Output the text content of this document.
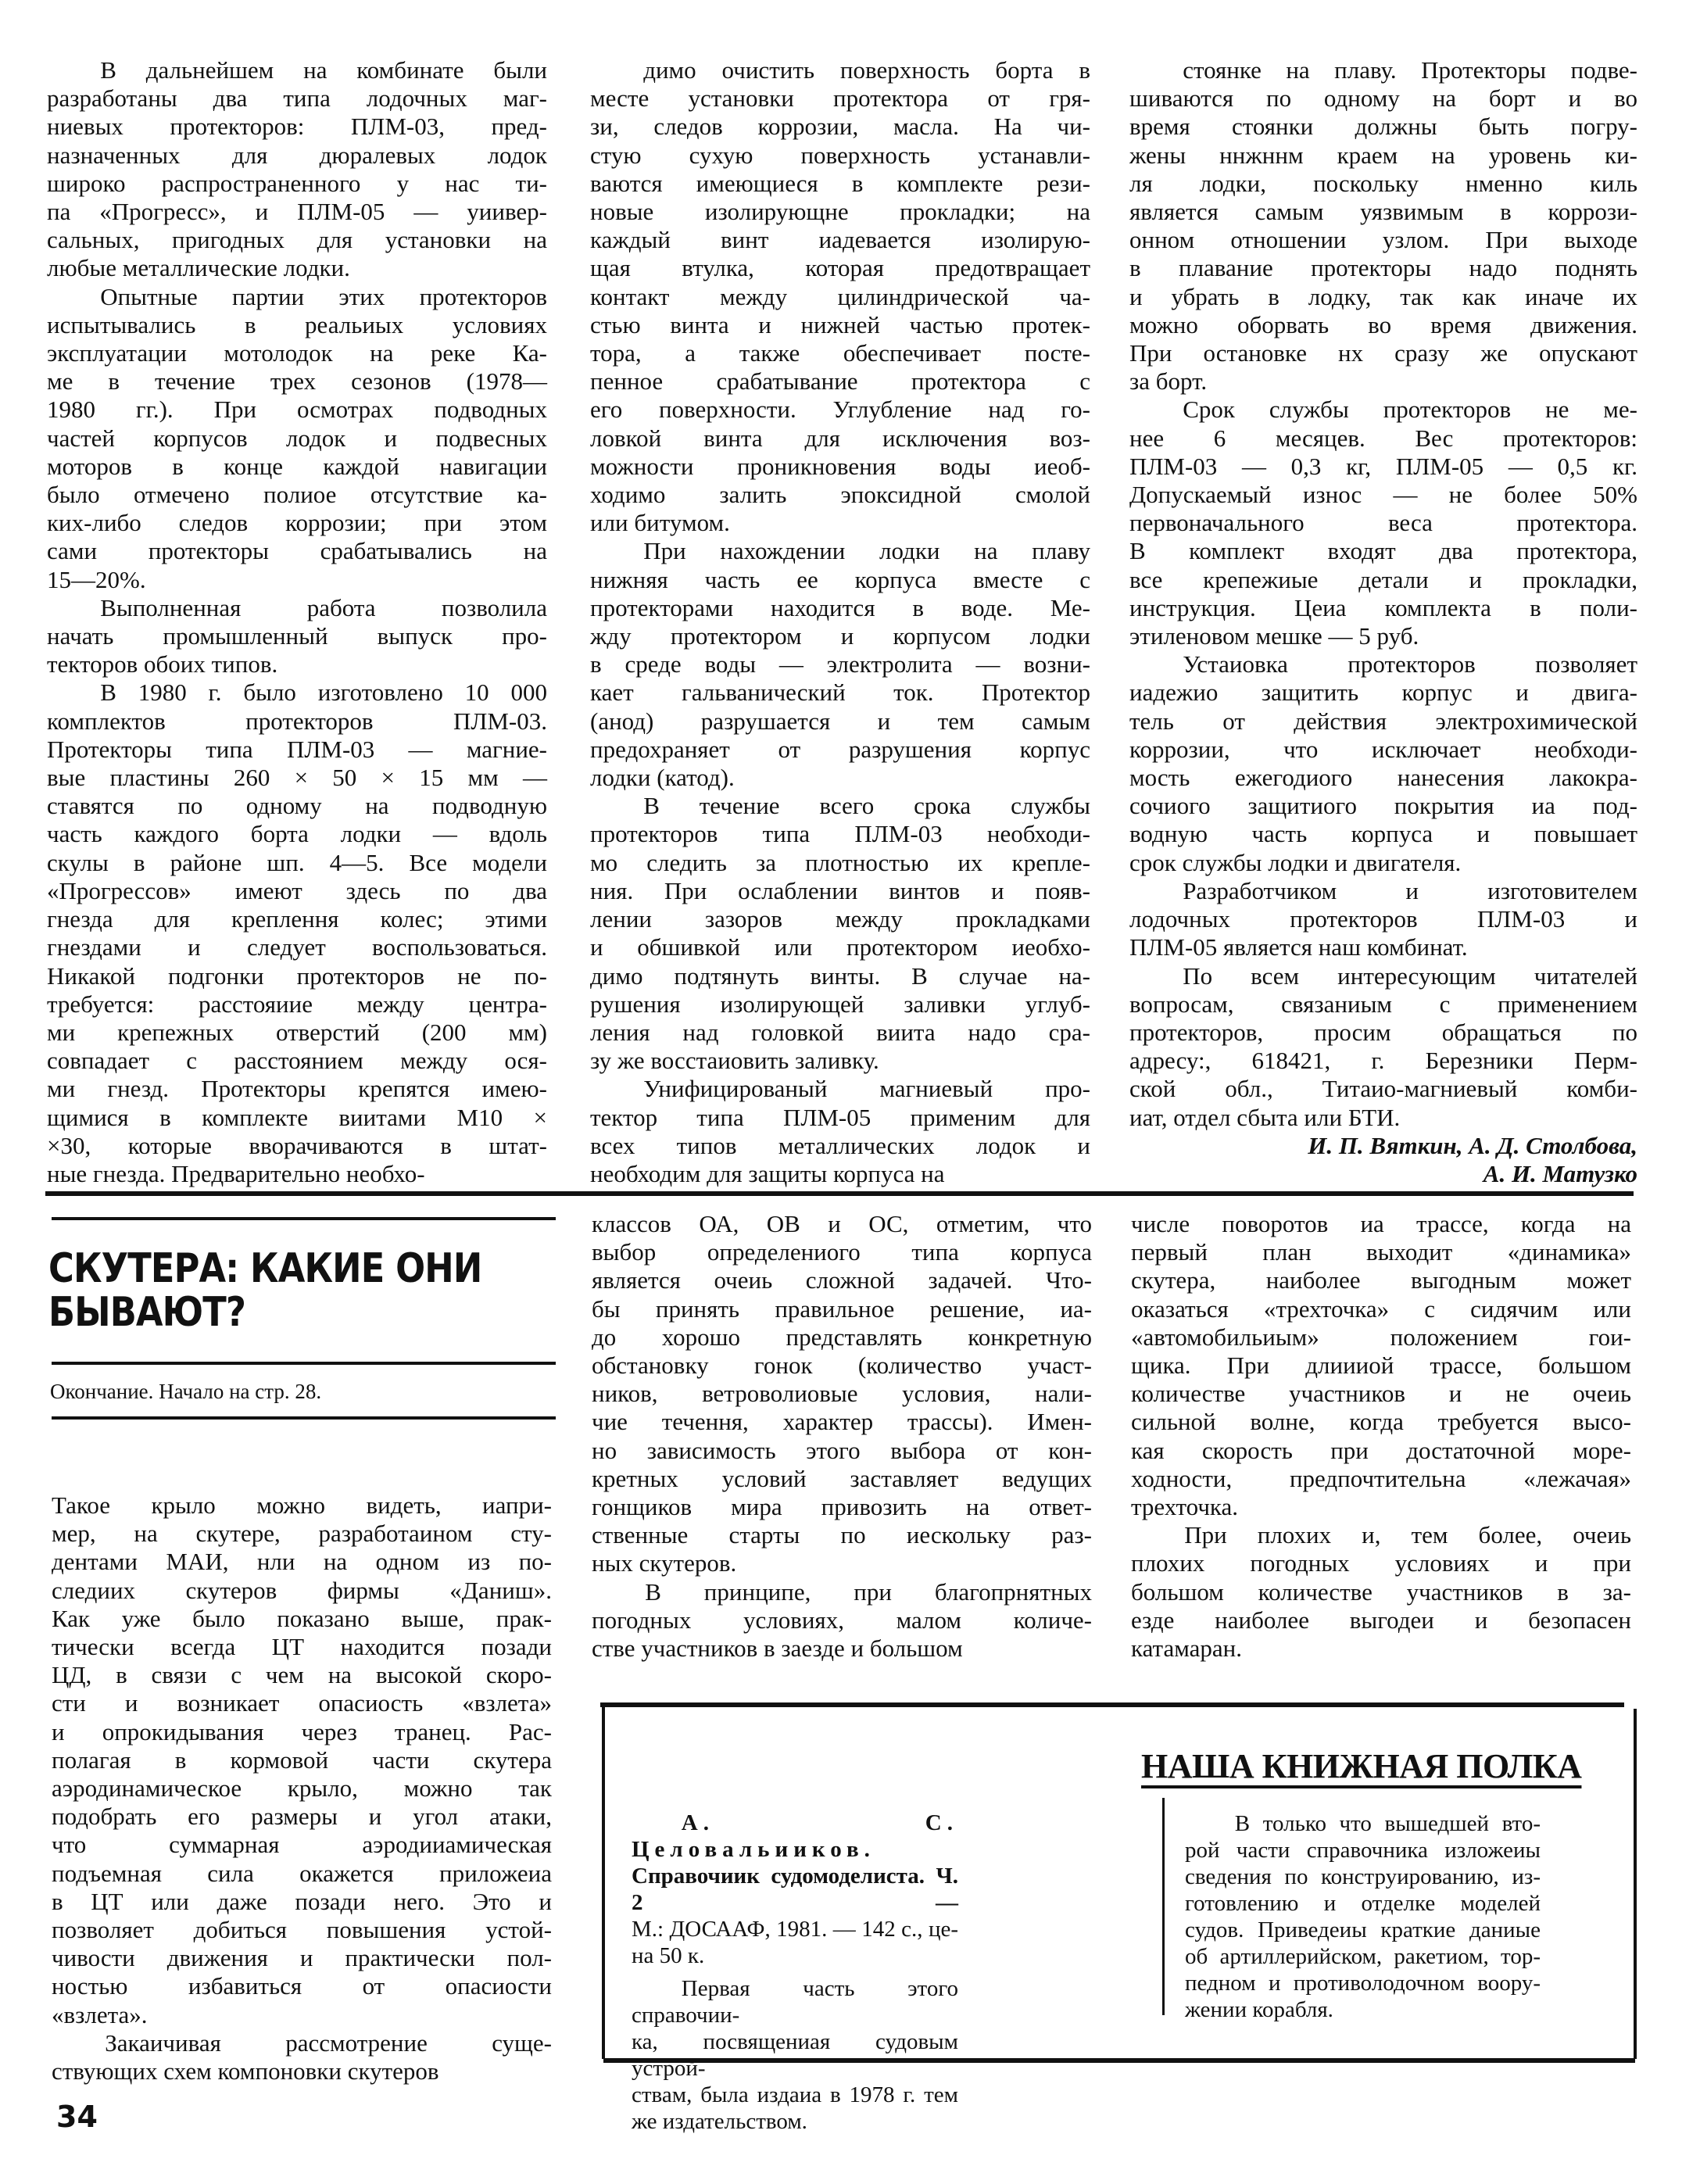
В дальнейшем на комбинате были
разработаны два типа лодочных маг-
ниевых протекторов: ПЛМ-03, пред-
назначенных для дюралевых лодок
широко распространенного у нас ти-
па «Прогресс», и ПЛМ-05 — уиивер-
сальных, пригодных для установки на
любые металлические лодки.

Опытные партии этих протекторов
испытывались в реальиых условиях
эксплуатации мотолодок на реке Ка-
ме в течение трех сезонов (1978—
1980 гг.). При осмотрах подводных
частей корпусов лодок и подвесных
моторов в конце каждой навигации
было отмечено полиое отсутствие ка-
ких-либо следов коррозии; при этом
сами протекторы срабатывались на
15—20%.

Выполненная работа позволила
начать промышленный выпуск про-
текторов обоих типов.

В 1980 г. было изготовлено 10 000
комплектов протекторов ПЛМ-03.
Протекторы типа ПЛМ-03 — магние-
вые пластины 260 × 50 × 15 мм —
ставятся по одному на подводную
часть каждого борта лодки — вдоль
скулы в районе шп. 4—5. Все модели
«Прогрессов» имеют здесь по два
гнезда для креплення колес; этими
гнездами и следует воспользоваться.
Никакой подгонки протекторов не по-
требуется: расстояиие между центра-
ми крепежных отверстий (200 мм)
совпадает с расстоянием между ося-
ми гнезд. Протекторы крепятся имею-
щимися в комплекте виитами М10 ×
×30, которые вворачиваются в штат-
ные гнезда. Предварительно необхо-

димо очистить поверхность борта в
месте установки протектора от гря-
зи, следов коррозии, масла. На чи-
стую сухую поверхность устанавли-
ваются имеющиеся в комплекте рези-
новые изолирующне прокладки; на
каждый винт иадевается изолирую-
щая втулка, которая предотвращает
контакт между цилиндрической ча-
стью винта и нижней частью протек-
тора, а также обеспечивает посте-
пенное срабатывание протектора с
его поверхности. Углубление над го-
ловкой винта для исключения воз-
можности проникновения воды иеоб-
ходимо залить эпоксидной смолой
или битумом.

При нахождении лодки на плаву
нижняя часть ее корпуса вместе с
протекторами находится в воде. Ме-
жду протектором и корпусом лодки
в среде воды — электролита — возни-
кает гальванический ток. Протектор
(анод) разрушается и тем самым
предохраняет от разрушения корпус
лодки (катод).

В течение всего срока службы
протекторов типа ПЛМ-03 необходи-
мо следить за плотностью их крепле-
ния. При ослаблении винтов и появ-
лении зазоров между прокладками
и обшивкой или протектором иеобхо-
димо подтянуть винты. В случае на-
рушения изолирующей заливки углуб-
ления над головкой виита надо сра-
зу же восстаиовить заливку.

Унифицированый магниевый про-
тектор типа ПЛМ-05 применим для
всех типов металлических лодок и
необходим для защиты корпуса на

стоянке на плаву. Протекторы подве-
шиваются по одному на борт и во
время стоянки должны быть погру-
жены ннжннм краем на уровень ки-
ля лодки, поскольку нменно киль
является самым уязвимым в коррози-
онном отношении узлом. При выходе
в плавание протекторы надо поднять
и убрать в лодку, так как иначе их
можно оборвать во время движения.
При остановке нх сразу же опускают
за борт.

Срок службы протекторов не ме-
нее 6 месяцев. Вес протекторов:
ПЛМ-03 — 0,3 кг, ПЛМ-05 — 0,5 кг.
Допускаемый износ — не более 50%
первоначального веса протектора.
В комплект входят два протектора,
все крепежиые детали и прокладки,
инструкция. Цеиа комплекта в поли-
этиленовом мешке — 5 руб.

Устаиовка протекторов позволяет
иадежио защитить корпус и двига-
тель от действия электрохимической
коррозии, что исключает необходи-
мость ежегодиого нанесения лакокра-
сочиого защитиого покрытия иа под-
водную часть корпуса и повышает
срок службы лодки и двигателя.

Разработчиком и изготовителем
лодочных протекторов ПЛМ-03 и
ПЛМ-05 является наш комбинат.

По всем интересующим читателей
вопросам, связаниым с применением
протекторов, просим обращаться по
адресу:, 618421, г. Березники Перм-
ской обл., Титаио-магниевый комби-
иат, отдел сбыта или БТИ.

И. П. Вяткин, А. Д. Столбова,
А. И. Матузко
СКУТЕРА: КАКИЕ ОНИ БЫВАЮТ?
Окончание. Начало на стр. 28.

Такое крыло можно видеть, иапри-
мер, на скутере, разработаином сту-
дентами МАИ, нли на одном из по-
следиих скутеров фирмы «Даниш».
Как уже было показано выше, прак-
тически всегда ЦТ находится позади
ЦД, в связи с чем на высокой скоро-
сти и возникает опасиость «взлета»
и опрокидывания через транец. Рас-
полагая в кормовой части скутера
аэродинамическое крыло, можно так
подобрать его размеры и угол атаки,
что суммарная аэродииамическая
подъемная сила окажется приложеиа
в ЦТ или даже позади него. Это и
позволяет добиться повышения устой-
чивости движения и практически пол-
ностью избавиться от опасиости
«взлета».

Закаичивая рассмотрение суще-
ствующих схем компоновки скутеров

классов ОА, ОВ и ОС, отметим, что
выбор определениого типа корпуса
является очеиь сложной задачей. Что-
бы принять правильное решение, иа-
до хорошо представлять конкретную
обстановку гонок (количество участ-
ников, ветроволиовые условия, нали-
чие течення, характер трассы). Имен-
но зависимость этого выбора от кон-
кретных условий заставляет ведущих
гонщиков мира привозить на ответ-
ственные старты по иескольку раз-
ных скутеров.

В принципе, при благопрнятных
погодных условиях, малом количе-
стве участников в заезде и большом

числе поворотов иа трассе, когда на
первый план выходит «динамика»
скутера, наиболее выгодным может
оказаться «трехточка» с сидячим или
«автомобильиым» положением гои-
щика. При длиииой трассе, большом
количестве участников и не очеиь
сильной волне, когда требуется высо-
кая скорость при достаточной море-
ходности, предпочтительна «лежачая»
трехточка.

При плохих и, тем более, очеиь
плохих погодных условиях и при
большом количестве участников в за-
езде наиболее выгодеи и безопасен
катамаран.

НАША КНИЖНАЯ ПОЛКА

А. С. Целовальииков.
Справочиик судомоделиста. Ч. 2 —
М.: ДОСААФ, 1981. — 142 с., це-
на 50 к.

Первая часть этого справочии-
ка, посвящениая судовым устрой-
ствам, была издаиа в 1978 г. тем
же издательством.

В только что вышедшей вто-
рой части справочника изложеиы
сведения по конструированию, из-
готовлению и отделке моделей
судов. Приведеиы краткие даниые
об артиллерийском, ракетиом, тор-
педном и противолодочном воору-
жении корабля.

34
